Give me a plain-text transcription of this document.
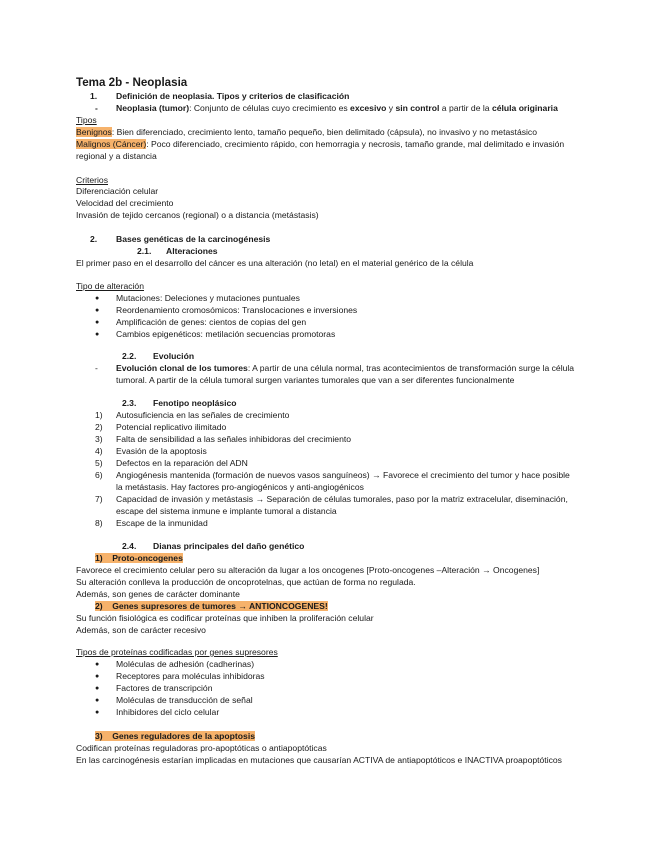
Tema 2b - Neoplasia
1. Definición de neoplasia. Tipos y criterios de clasificación
- Neoplasia (tumor): Conjunto de células cuyo crecimiento es excesivo y sin control a partir de la célula originaria
Tipos
Benignos: Bien diferenciado, crecimiento lento, tamaño pequeño, bien delimitado (cápsula), no invasivo y no metastásico
Malignos (Cáncer): Poco diferenciado, crecimiento rápido, con hemorragia y necrosis, tamaño grande, mal delimitado e invasión
regional y a distancia
Criterios
Diferenciación celular
Velocidad del crecimiento
Invasión de tejido cercanos (regional) o a distancia (metástasis)
2. Bases genéticas de la carcinogénesis
2.1. Alteraciones
El primer paso en el desarrollo del cáncer es una alteración (no letal) en el material genérico de la célula
Tipo de alteración
● Mutaciones: Deleciones y mutaciones puntuales
● Reordenamiento cromosómicos: Translocaciones e inversiones
● Amplificación de genes: cientos de copias del gen
● Cambios epigenéticos: metilación secuencias promotoras
2.2. Evolución
- Evolución clonal de los tumores: A partir de una célula normal, tras acontecimientos de transformación surge la célula
tumoral. A partir de la célula tumoral surgen variantes tumorales que van a ser diferentes funcionalmente
2.3. Fenotipo neoplásico
1) Autosuficiencia en las señales de crecimiento
2) Potencial replicativo ilimitado
3) Falta de sensibilidad a las señales inhibidoras del crecimiento
4) Evasión de la apoptosis
5) Defectos en la reparación del ADN
6) Angiogénesis mantenida (formación de nuevos vasos sanguíneos) → Favorece el crecimiento del tumor y hace posible
la metástasis. Hay factores pro-angiogénicos y anti-angiogénicos
7) Capacidad de invasión y metástasis → Separación de células tumorales, paso por la matriz extracelular, diseminación,
escape del sistema inmune e implante tumoral a distancia
8) Escape de la inmunidad
2.4. Dianas principales del daño genético
1)    Proto-oncogenes
Favorece el crecimiento celular pero su alteración da lugar a los oncogenes [Proto-oncogenes –Alteración → Oncogenes]
Su alteración conlleva la producción de oncoprotelnas, que actúan de forma no regulada.
Además, son genes de carácter dominante
2)    Genes supresores de tumores → ANTIONCOGENES!
Su función fisiológica es codificar proteínas que inhiben la proliferación celular
Además, son de carácter recesivo
Tipos de proteínas codificadas por genes supresores
● Moléculas de adhesión (cadherinas)
● Receptores para moléculas inhibidoras
● Factores de transcripción
● Moléculas de transducción de señal
● Inhibidores del ciclo celular
3)    Genes reguladores de la apoptosis
Codifican proteínas reguladoras pro-apoptóticas o antiapoptóticas
En las carcinogénesis estarían implicadas en mutaciones que causarían ACTIVA de antiapoptóticos e INACTIVA proapoptóticos
